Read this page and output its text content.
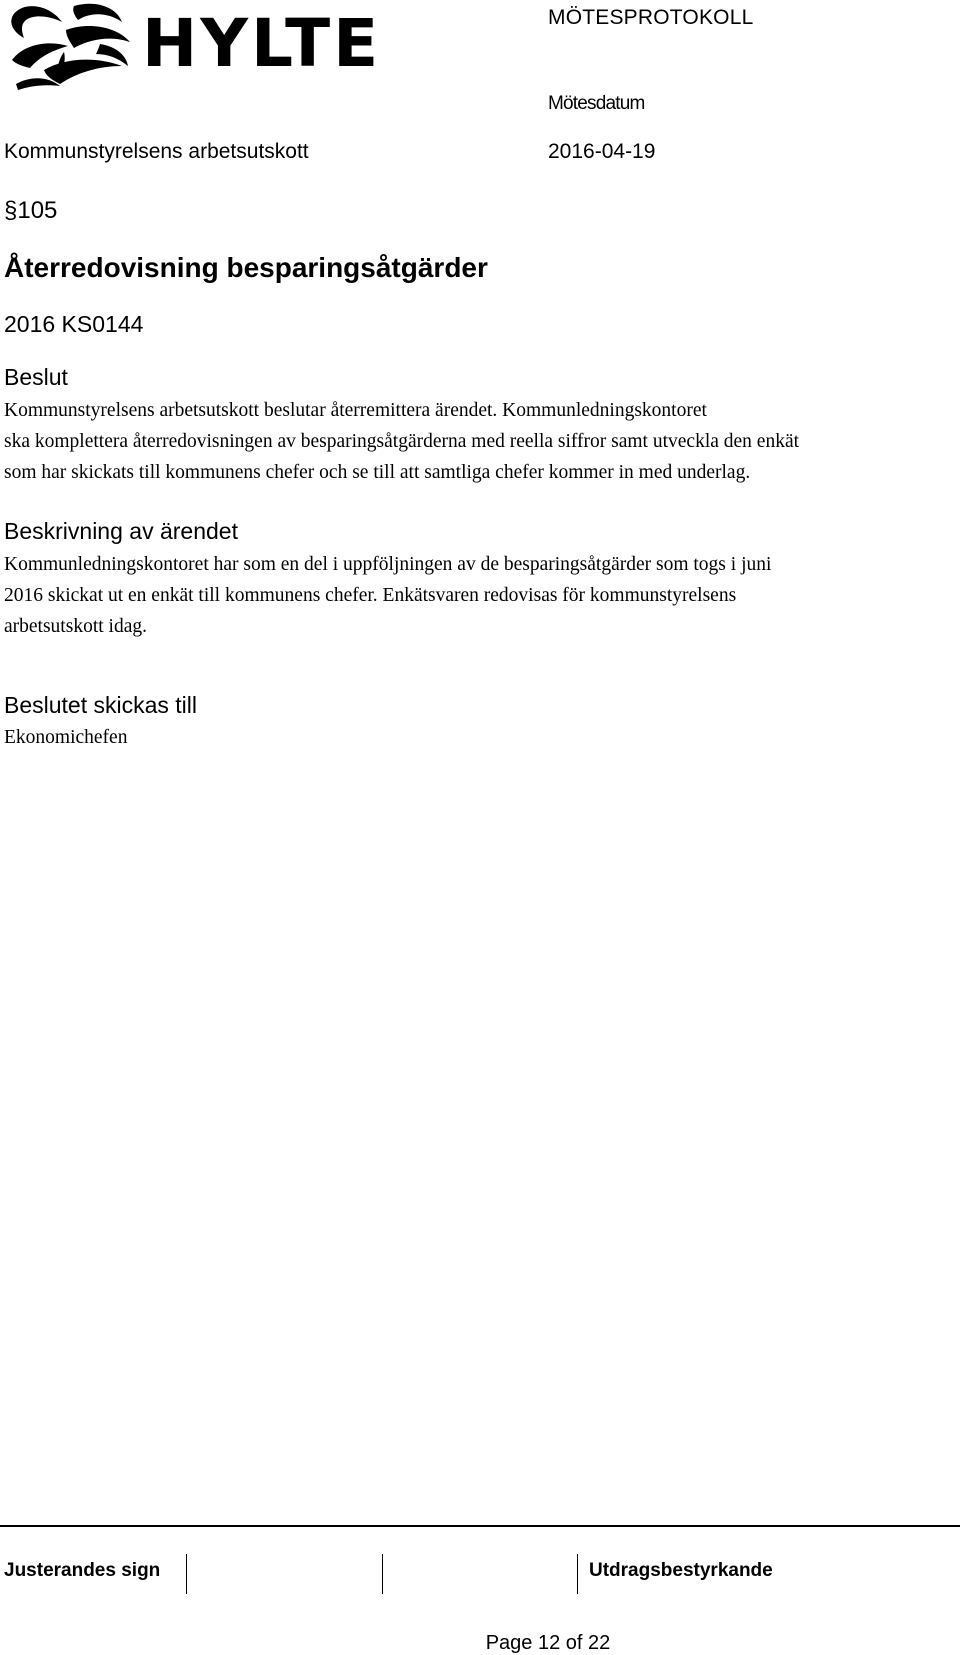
HYLTE	MÖTESPROTOKOLL
Mötesdatum
Kommunstyrelsens arbetsutskott	2016-04-19
§105
Återredovisning besparingsåtgärder
2016 KS0144
Beslut
Kommunstyrelsens arbetsutskott beslutar återremittera ärendet. Kommunledningskontoret
ska komplettera återredovisningen av besparingsåtgärderna med reella siffror samt utveckla den enkät
som har skickats till kommunens chefer och se till att samtliga chefer kommer in med underlag.
Beskrivning av ärendet
Kommunledningskontoret har som en del i uppföljningen av de besparingsåtgärder som togs i juni
2016 skickat ut en enkät till kommunens chefer. Enkätsvaren redovisas för kommunstyrelsens
arbetsutskott idag.
Beslutet skickas till
Ekonomichefen
Justerandes sign	Utdragsbestyrkande
Page 12 of 22
